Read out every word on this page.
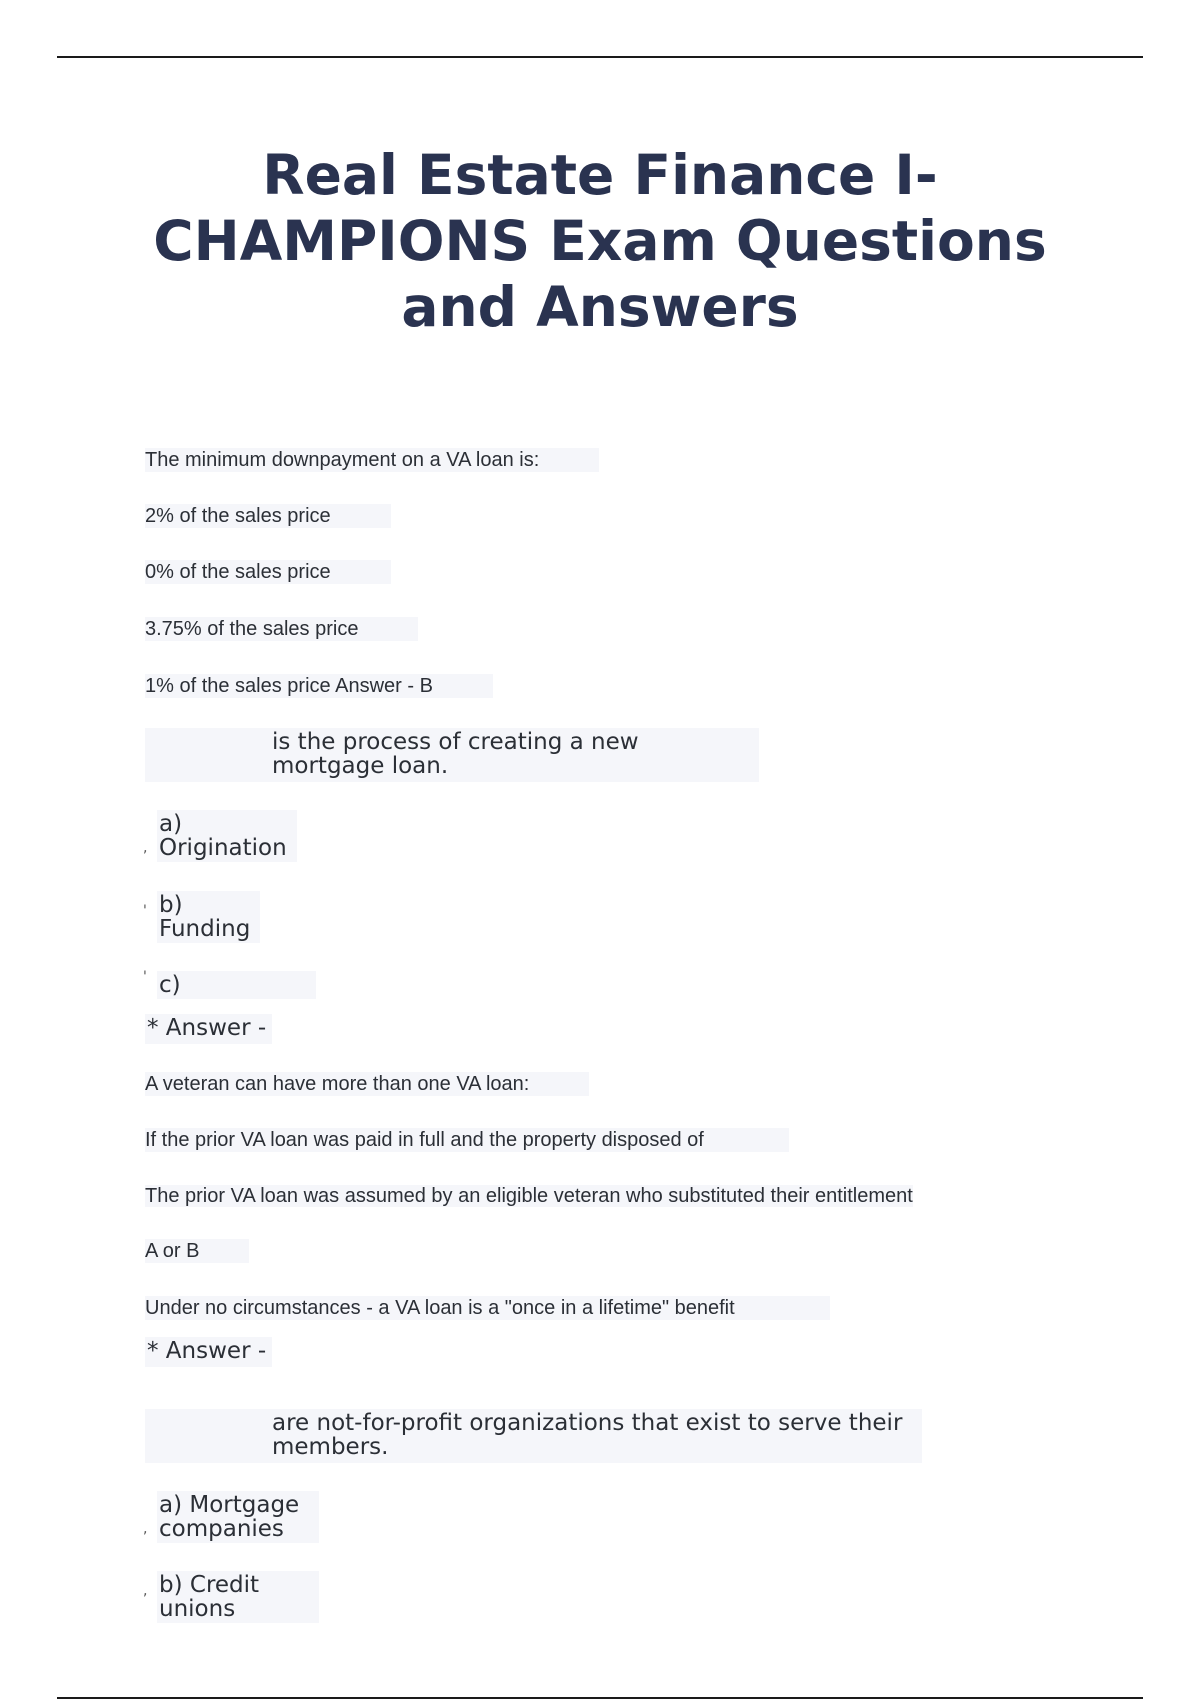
Real Estate Finance I-
CHAMPIONS Exam Questions
and Answers

The minimum downpayment on a VA loan is:

2% of the sales price

0% of the sales price

3.75% of the sales price

1% of the sales price Answer - B

is the process of creating a new
mortgage loan.

,
a)
Origination

' b)
Funding

' c)

* Answer -

A veteran can have more than one VA loan:

If the prior VA loan was paid in full and the property disposed of

The prior VA loan was assumed by an eligible veteran who substituted their entitlement

A or B

Under no circumstances - a VA loan is a "once in a lifetime" benefit

* Answer -

are not-for-profit organizations that exist to serve their
members.

,
a) Mortgage
companies

, b) Credit
unions
